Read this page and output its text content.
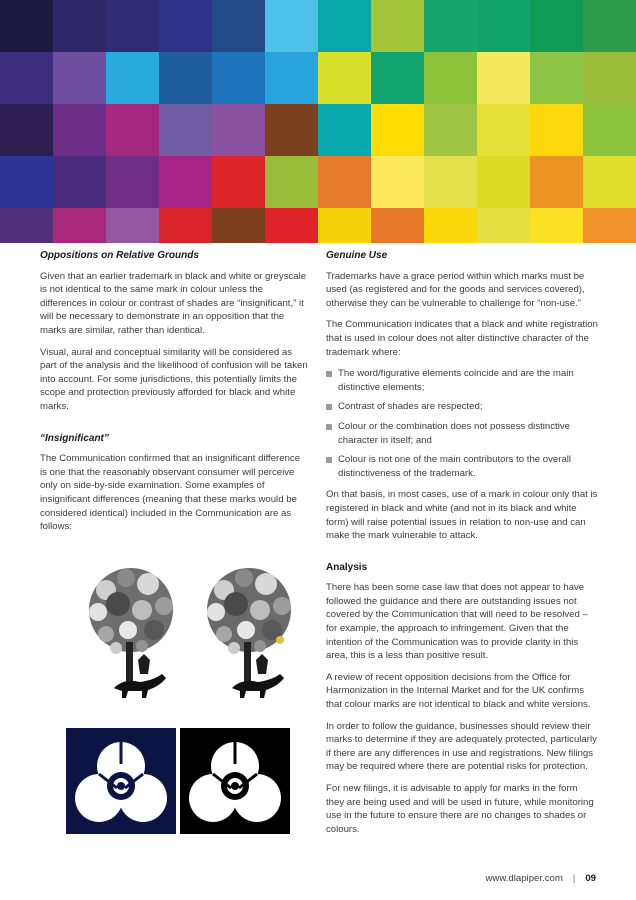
Oppositions on Relative Grounds

Given that an earlier trademark in black and white or greyscale is not identical to the same mark in colour unless the differences in colour or contrast of shades are “insignificant,” it will be necessary to demonstrate in an opposition that the marks are similar, rather than identical.

Visual, aural and conceptual similarity will be considered as part of the analysis and the likelihood of confusion will be taken into account. For some jurisdictions, this potentially limits the scope and protection previously afforded for black and white marks.

“Insignificant”

The Communication confirmed that an insignificant difference is one that the reasonably observant consumer will perceive only on side-by-side examination. Some examples of insignificant differences (meaning that these marks would be considered identical) included in the Communication are as follows:

Genuine Use

Trademarks have a grace period within which marks must be used (as registered and for the goods and services covered), otherwise they can be vulnerable to challenge for “non-use.”

The Communication indicates that a black and white registration that is used in colour does not alter distinctive character of the trademark where:

The word/figurative elements coincide and are the main distinctive elements;
Contrast of shades are respected;
Colour or the combination does not possess distinctive character in itself; and
Colour is not one of the main contributors to the overall distinctiveness of the trademark.

On that basis, in most cases, use of a mark in colour only that is registered in black and white (and not in its black and white form) will raise potential issues in relation to non-use and can make the mark vulnerable to attack.

Analysis

There has been some case law that does not appear to have followed the guidance and there are outstanding issues not covered by the Communication that will need to be resolved – for example, the approach to infringement. Given that the intention of the Communication was to provide clarity in this area, this is a less than positive result.

A review of recent opposition decisions from the Office for Harmonization in the Internal Market and for the UK confirms that colour marks are not identical to black and white versions.

In order to follow the guidance, businesses should review their marks to determine if they are adequately protected, particularly if there are any differences in use and registrations. New filings may be required where there are potential risks for protection.

For new filings, it is advisable to apply for marks in the form they are being used and will be used in future, while monitoring use in the future to ensure there are no changes to shades or colours.

www.dlapiper.com | 09
